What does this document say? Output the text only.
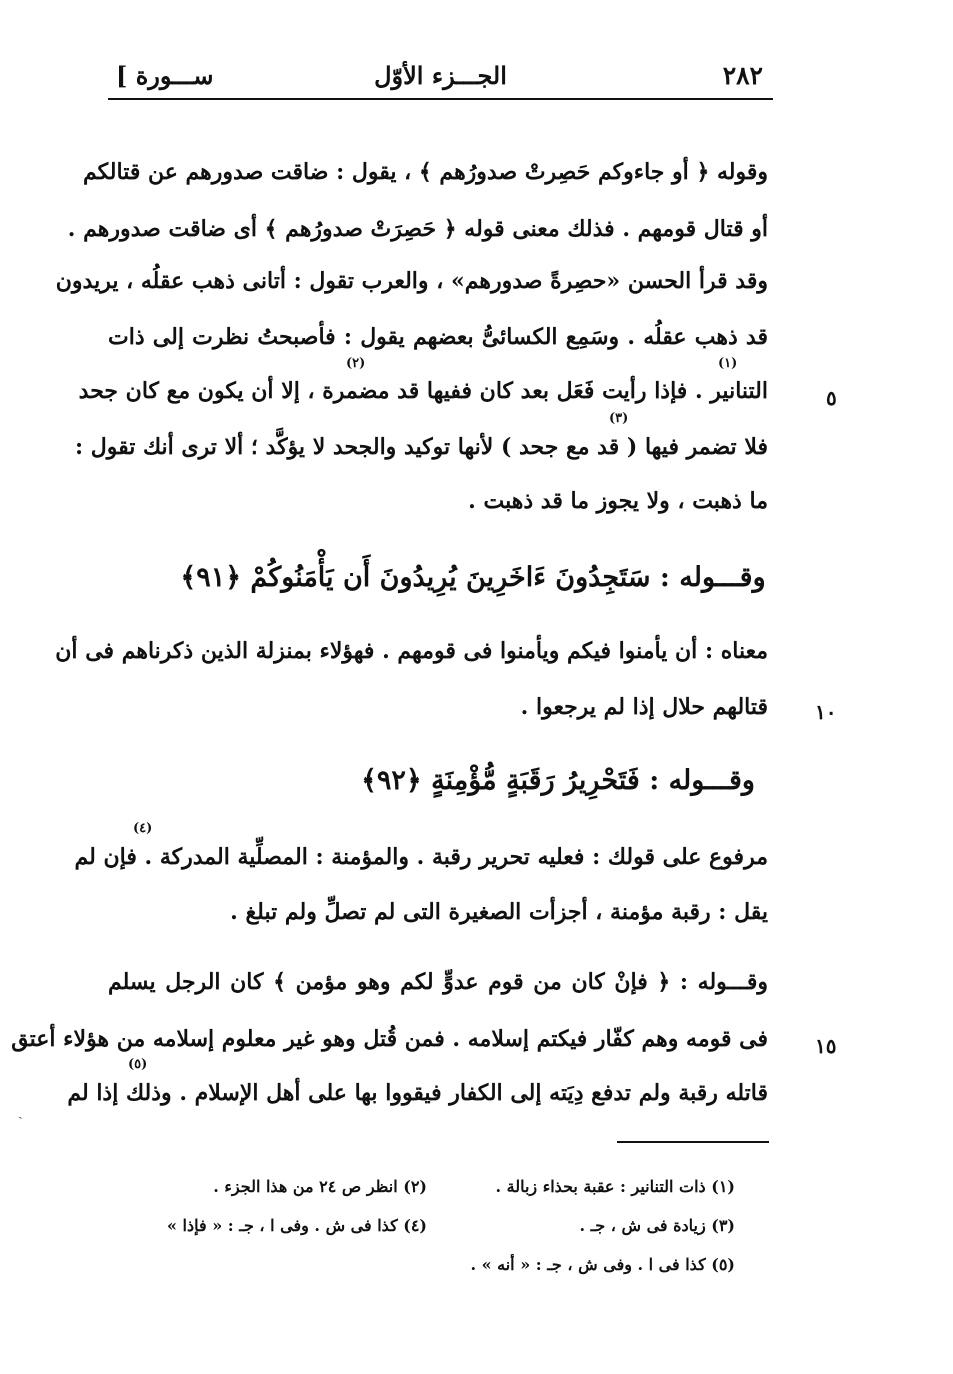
٢٨٢
الجـــزء الأوّل
[ ســـورة
وقوله ﴿ أو جاءوكم حَصِرتْ صدورُهم ﴾ ، يقول : ضاقت صدورهم عن قتالكم
أو قتال قومهم . فذلك معنى قوله ﴿ حَصِرَتْ صدورُهم ﴾ أى ضاقت صدورهم .
وقد قرأ الحسن «حصِرةً صدورهم» ، والعرب تقول : أتانى ذهب عقلُه ، يريدون
قد ذهب عقلُه . وسَمِع الكسائىُّ بعضهم يقول : فأصبحتُ نظرت إلى ذات
التنانير . فإذا رأيت فَعَل بعد كان ففيها قد مضمرة ، إلا أن يكون مع كان جحد
فلا تضمر فيها ( قد مع جحد ) لأنها توكيد والجحد لا يؤكَّد ؛ ألا ترى أنك تقول :
ما ذهبت ، ولا يجوز ما قد ذهبت .
وقـــوله : سَتَجِدُونَ ءَاخَرِينَ يُرِيدُونَ أَن يَأْمَنُوكُمْ ﴿٩١﴾
معناه : أن يأمنوا فيكم ويأمنوا فى قومهم . فهؤلاء بمنزلة الذين ذكرناهم فى أن
قتالهم حلال إذا لم يرجعوا .
وقـــوله : فَتَحْرِيرُ رَقَبَةٍ مُّؤْمِنَةٍ ﴿٩٢﴾
مرفوع على قولك : فعليه تحرير رقبة . والمؤمنة : المصلِّية المدركة . فإن لم
يقل : رقبة مؤمنة ، أجزأت الصغيرة التى لم تصلِّ ولم تبلغ .
وقـــوله : ﴿ فإنْ كان من قوم عدوٍّ لكم وهو مؤمن ﴾ كان الرجل يسلم
فى قومه وهم كفّار فيكتم إسلامه . فمن قُتل وهو غير معلوم إسلامه من هؤلاء أعتق
قاتله رقبة ولم تدفع دِيَته إلى الكفار فيقووا بها على أهل الإسلام . وذلك إذا لم
(١)
(٢)
(٣)
(٤)
(٥)
٥
١٠
١٥
ˎ
(١) ذات التنانير : عقبة بحذاء زبالة .
(٢) انظر ص ٢٤ من هذا الجزء .
(٣) زيادة فى ش ، جـ .
(٤) كذا فى ش . وفى ا ، جـ : « فإذا »
(٥) كذا فى ا . وفى ش ، جـ : « أنه » .
